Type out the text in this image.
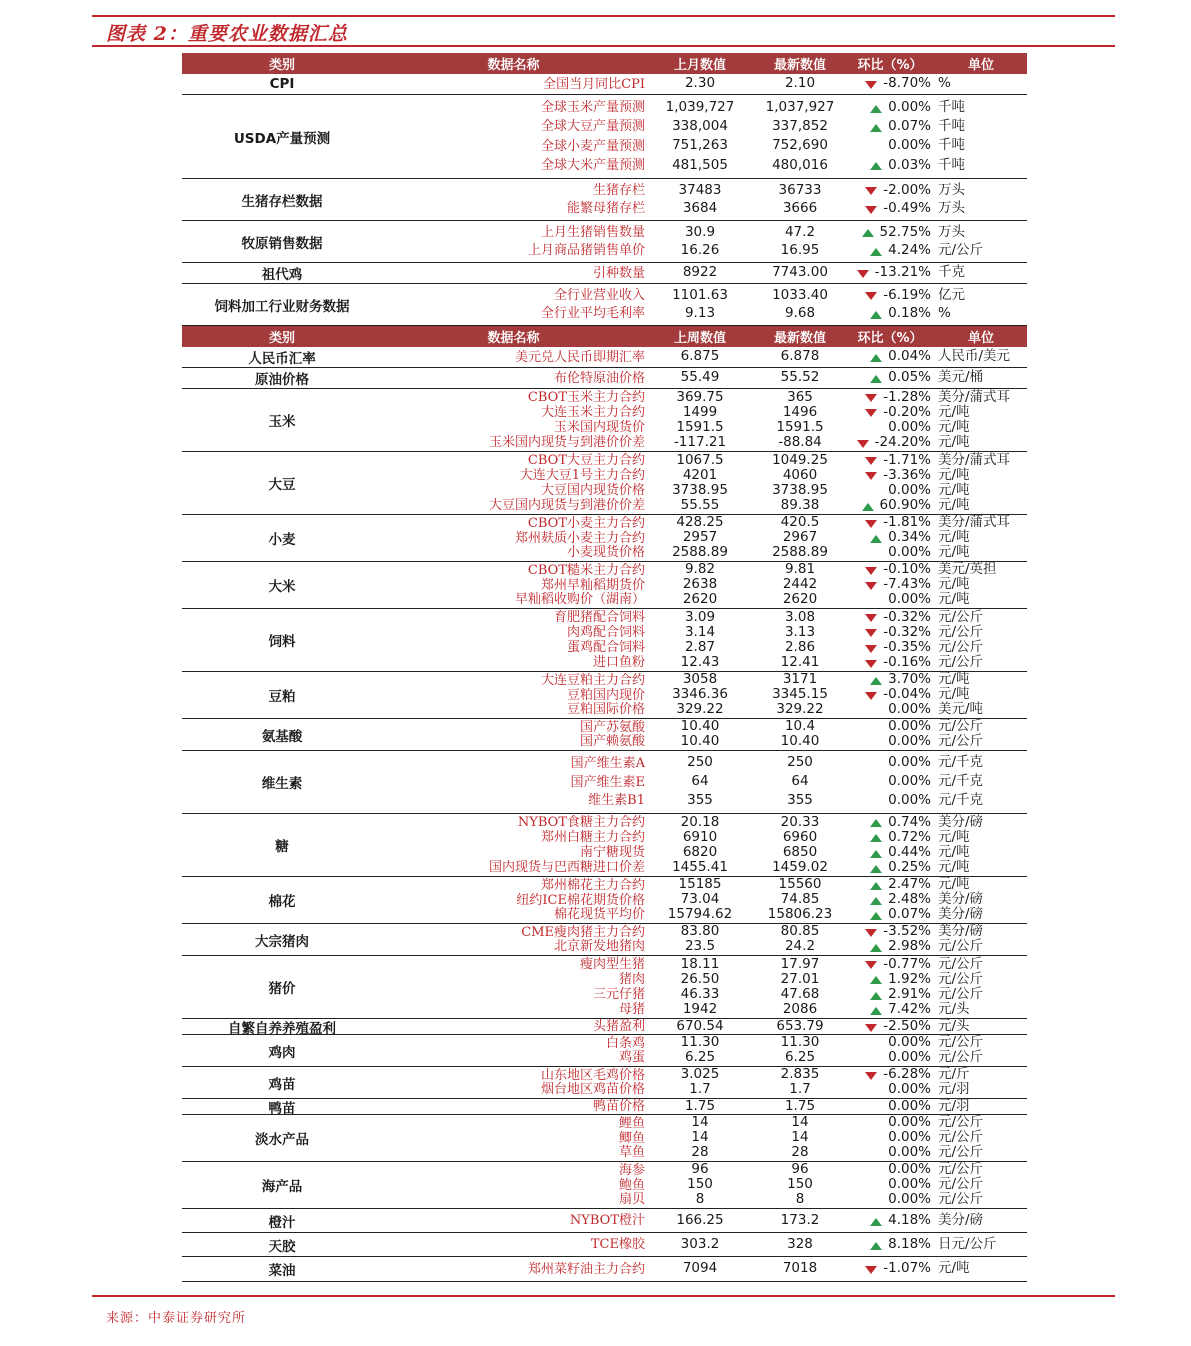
图表 2：重要农业数据汇总
类别	数据名称	上月数值	最新数值	环比（%）	单位
CPI	全国当月同比CPI	2.30	2.10	-8.70% %
USDA产量预测
全球玉米产量预测	1,039,727	1,037,927	0.00% 千吨
全球大豆产量预测	338,004	337,852	0.07% 千吨
全球小麦产量预测	751,263	752,690	0.00% 千吨
全球大米产量预测	481,505	480,016	0.03% 千吨
生猪存栏数据
生猪存栏	37483	36733	-2.00% 万头
能繁母猪存栏	3684	3666	-0.49% 万头
牧原销售数据
上月生猪销售数量	30.9	47.2	52.75% 万头
上月商品猪销售单价	16.26	16.95	4.24% 元/公斤
祖代鸡	引种数量	8922	7743.00	-13.21% 千克
饲料加工行业财务数据
全行业营业收入	1101.63	1033.40	-6.19% 亿元
全行业平均毛利率	9.13	9.68	0.18% %
类别	数据名称	上周数值	最新数值	环比（%）	单位
人民币汇率	美元兑人民币即期汇率	6.875	6.878	0.04% 人民币/美元
原油价格	布伦特原油价格	55.49	55.52	0.05% 美元/桶
玉米
CBOT玉米主力合约	369.75	365	-1.28% 美分/蒲式耳
大连玉米主力合约	1499	1496	-0.20% 元/吨
玉米国内现货价	1591.5	1591.5	0.00% 元/吨
玉米国内现货与到港价价差	-117.21	-88.84	-24.20% 元/吨
大豆
CBOT大豆主力合约	1067.5	1049.25	-1.71% 美分/蒲式耳
大连大豆1号主力合约	4201	4060	-3.36% 元/吨
大豆国内现货价格	3738.95	3738.95	0.00% 元/吨
大豆国内现货与到港价价差	55.55	89.38	60.90% 元/吨
小麦
CBOT小麦主力合约	428.25	420.5	-1.81% 美分/蒲式耳
郑州麸质小麦主力合约	2957	2967	0.34% 元/吨
小麦现货价格	2588.89	2588.89	0.00% 元/吨
大米
CBOT糙米主力合约	9.82	9.81	-0.10% 美元/英担
郑州早籼稻期货价	2638	2442	-7.43% 元/吨
早籼稻收购价（湖南）	2620	2620	0.00% 元/吨
饲料
育肥猪配合饲料	3.09	3.08	-0.32% 元/公斤
肉鸡配合饲料	3.14	3.13	-0.32% 元/公斤
蛋鸡配合饲料	2.87	2.86	-0.35% 元/公斤
进口鱼粉	12.43	12.41	-0.16% 元/公斤
豆粕
大连豆粕主力合约	3058	3171	3.70% 元/吨
豆粕国内现价	3346.36	3345.15	-0.04% 元/吨
豆粕国际价格	329.22	329.22	0.00% 美元/吨
氨基酸
国产苏氨酸	10.40	10.4	0.00% 元/公斤
国产赖氨酸	10.40	10.40	0.00% 元/公斤
维生素
国产维生素A	250	250	0.00% 元/千克
国产维生素E	64	64	0.00% 元/千克
维生素B1	355	355	0.00% 元/千克
糖
NYBOT食糖主力合约	20.18	20.33	0.74% 美分/磅
郑州白糖主力合约	6910	6960	0.72% 元/吨
南宁糖现货	6820	6850	0.44% 元/吨
国内现货与巴西糖进口价差	1455.41	1459.02	0.25% 元/吨
棉花
郑州棉花主力合约	15185	15560	2.47% 元/吨
纽约ICE棉花期货价格	73.04	74.85	2.48% 美分/磅
棉花现货平均价	15794.62	15806.23	0.07% 美分/磅
大宗猪肉
CME瘦肉猪主力合约	83.80	80.85	-3.52% 美分/磅
北京新发地猪肉	23.5	24.2	2.98% 元/公斤
猪价
瘦肉型生猪	18.11	17.97	-0.77% 元/公斤
猪肉	26.50	27.01	1.92% 元/公斤
三元仔猪	46.33	47.68	2.91% 元/公斤
母猪	1942	2086	7.42% 元/头
自繁自养养殖盈利	头猪盈利	670.54	653.79	-2.50% 元/头
鸡肉
白条鸡	11.30	11.30	0.00% 元/公斤
鸡蛋	6.25	6.25	0.00% 元/公斤
鸡苗
山东地区毛鸡价格	3.025	2.835	-6.28% 元/斤
烟台地区鸡苗价格	1.7	1.7	0.00% 元/羽
鸭苗	鸭苗价格	1.75	1.75	0.00% 元/羽
淡水产品
鲤鱼	14	14	0.00% 元/公斤
鲫鱼	14	14	0.00% 元/公斤
草鱼	28	28	0.00% 元/公斤
海产品
海参	96	96	0.00% 元/公斤
鲍鱼	150	150	0.00% 元/公斤
扇贝	8	8	0.00% 元/公斤
橙汁	NYBOT橙汁	166.25	173.2	4.18% 美分/磅
天胶	TCE橡胶	303.2	328	8.18% 日元/公斤
菜油	郑州菜籽油主力合约	7094	7018	-1.07% 元/吨
来源：中泰证券研究所
